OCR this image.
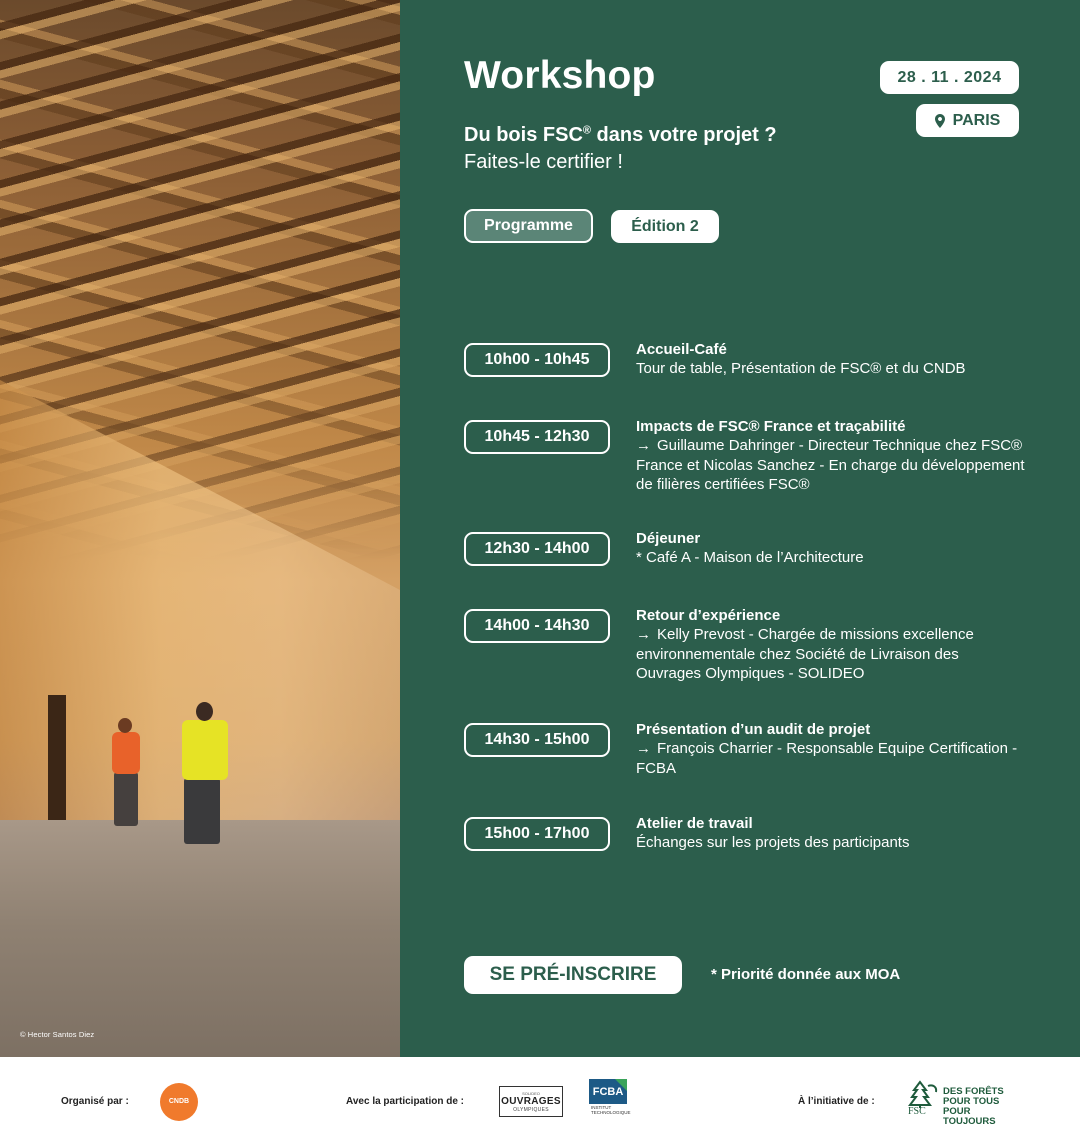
© Hector Santos Diez
Workshop
Du bois FSC® dans votre projet ?
Faites-le certifier !
28 . 11 . 2024
PARIS
Programme	Édition 2
10h00 - 10h45
Accueil-Café
Tour de table, Présentation de FSC® et du CNDB
10h45 - 12h30
Impacts de FSC® France et traçabilité
→ Guillaume Dahringer - Directeur Technique chez FSC® France et Nicolas Sanchez - En charge du développement de filières certifiées FSC®
12h30 - 14h00
Déjeuner
* Café A - Maison de l’Architecture
14h00 - 14h30
Retour d’expérience
→ Kelly Prevost - Chargée de missions excellence environnementale chez Société de Livraison des Ouvrages Olympiques - SOLIDEO
14h30 - 15h00
Présentation d’un audit de projet
→ François Charrier - Responsable Equipe Certification - FCBA
15h00 - 17h00
Atelier de travail
Échanges sur les projets des participants
SE PRÉ-INSCRIRE	* Priorité donnée aux MOA
Organisé par :	Avec la participation de :	À l’initiative de :
CNDB
SOLIDEO
OUVRAGES
OLYMPIQUES
FCBA
INSTITUT
TECHNOLOGIQUE	FSC
DES FORÊTS
POUR TOUS
POUR TOUJOURS
